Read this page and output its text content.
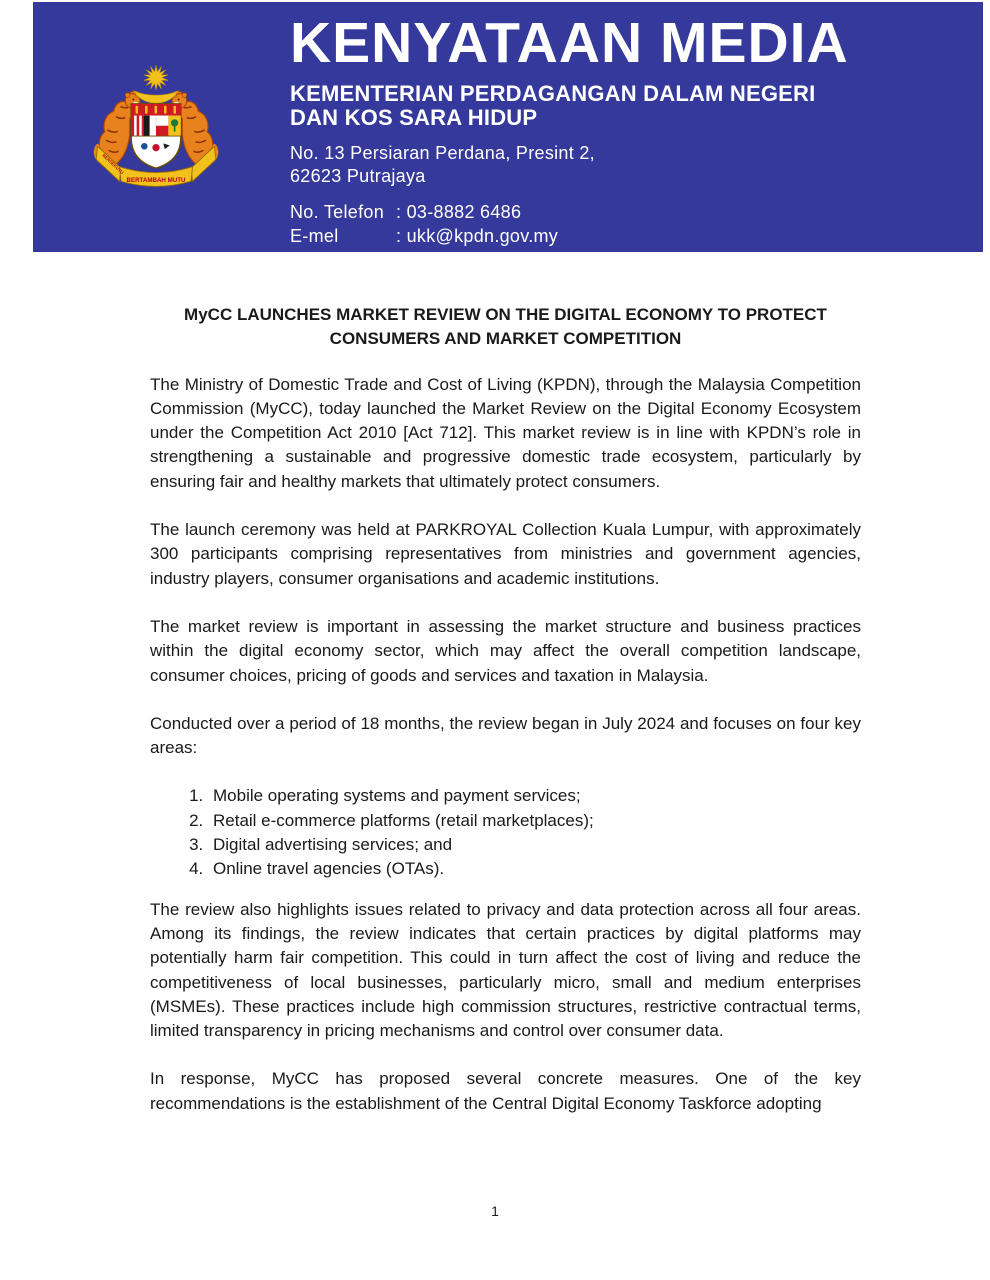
BERSEKUTU
BERTAMBAH MUTU
KENYATAAN MEDIA
KEMENTERIAN PERDAGANGAN DALAM NEGERI
DAN KOS SARA HIDUP
No. 13 Persiaran Perdana, Presint 2,
62623 Putrajaya
No. Telefon : 03-8882 6486
E-mel	: ukk@kpdn.gov.my
MyCC LAUNCHES MARKET REVIEW ON THE DIGITAL ECONOMY TO PROTECT
CONSUMERS AND MARKET COMPETITION

The Ministry of Domestic Trade and Cost of Living (KPDN), through the Malaysia Competition Commission (MyCC), today launched the Market Review on the Digital Economy Ecosystem under the Competition Act 2010 [Act 712]. This market review is in line with KPDN’s role in strengthening a sustainable and progressive domestic trade ecosystem, particularly by ensuring fair and healthy markets that ultimately protect consumers.

The launch ceremony was held at PARKROYAL Collection Kuala Lumpur, with approximately 300 participants comprising representatives from ministries and government agencies, industry players, consumer organisations and academic institutions.

The market review is important in assessing the market structure and business practices within the digital economy sector, which may affect the overall competition landscape, consumer choices, pricing of goods and services and taxation in Malaysia.

Conducted over a period of 18 months, the review began in July 2024 and focuses on four key areas:

1. Mobile operating systems and payment services;
2. Retail e-commerce platforms (retail marketplaces);
3. Digital advertising services; and
4. Online travel agencies (OTAs).

The review also highlights issues related to privacy and data protection across all four areas. Among its findings, the review indicates that certain practices by digital platforms may potentially harm fair competition. This could in turn affect the cost of living and reduce the competitiveness of local businesses, particularly micro, small and medium enterprises (MSMEs). These practices include high commission structures, restrictive contractual terms, limited transparency in pricing mechanisms and control over consumer data.

In response, MyCC has proposed several concrete measures. One of the key recommendations is the establishment of the Central Digital Economy Taskforce adopting

1
